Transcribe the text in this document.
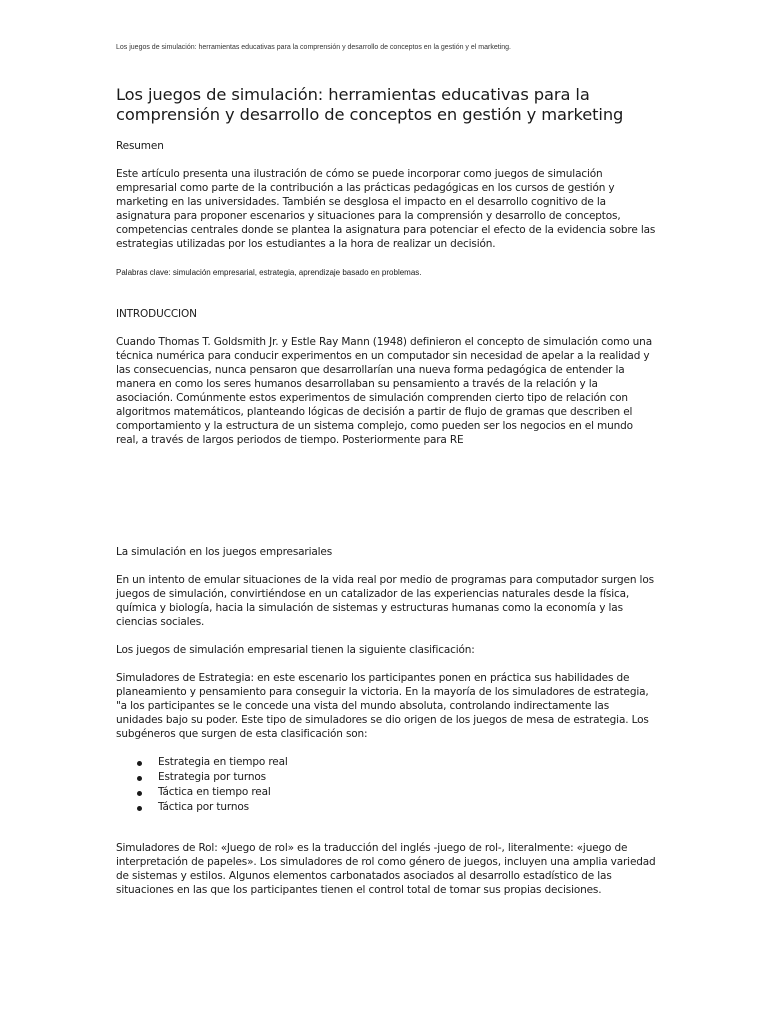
Los juegos de simulación: herramientas educativas para la comprensión y desarrollo de conceptos en la gestión y el marketing.

Los juegos de simulación: herramientas educativas para la comprensión y desarrollo de conceptos en gestión y marketing

Resumen

Este artículo presenta una ilustración de cómo se puede incorporar como juegos de simulación empresarial como parte de la contribución a las prácticas pedagógicas en los cursos de gestión y marketing en las universidades. También se desglosa el impacto en el desarrollo cognitivo de la asignatura para proponer escenarios y situaciones para la comprensión y desarrollo de conceptos, competencias centrales donde se plantea la asignatura para potenciar el efecto de la evidencia sobre las estrategias utilizadas por los estudiantes a la hora de realizar un decisión.

Palabras clave: simulación empresarial, estrategia, aprendizaje basado en problemas.

INTRODUCCION

Cuando Thomas T. Goldsmith Jr. y Estle Ray Mann (1948) definieron el concepto de simulación como una técnica numérica para conducir experimentos en un computador sin necesidad de apelar a la realidad y las consecuencias, nunca pensaron que desarrollarían una nueva forma pedagógica de entender la manera en como los seres humanos desarrollaban su pensamiento a través de la relación y la asociación. Comúnmente estos experimentos de simulación comprenden cierto tipo de relación con algoritmos matemáticos, planteando lógicas de decisión a partir de flujo de gramas que describen el comportamiento y la estructura de un sistema complejo, como pueden ser los negocios en el mundo real, a través de largos periodos de tiempo. Posteriormente para RE

La simulación en los juegos empresariales

En un intento de emular situaciones de la vida real por medio de programas para computador surgen los juegos de simulación, convirtiéndose en un catalizador de las experiencias naturales desde la física, química y biología, hacia la simulación de sistemas y estructuras humanas como la economía y las ciencias sociales.

Los juegos de simulación empresarial tienen la siguiente clasificación:

Simuladores de Estrategia: en este escenario los participantes ponen en práctica sus habilidades de planeamiento y pensamiento para conseguir la victoria. En la mayoría de los simuladores de estrategia, "a los participantes se le concede una vista del mundo absoluta, controlando indirectamente las unidades bajo su poder. Este tipo de simuladores se dio origen de los juegos de mesa de estrategia. Los subgéneros que surgen de esta clasificación son:

Estrategia en tiempo real
Estrategia por turnos
Táctica en tiempo real
Táctica por turnos

Simuladores de Rol: «Juego de rol» es la traducción del inglés -juego de rol-, literalmente: «juego de interpretación de papeles». Los simuladores de rol como género de juegos, incluyen una amplia variedad de sistemas y estilos. Algunos elementos carbonatados asociados al desarrollo estadístico de las situaciones en las que los participantes tienen el control total de tomar sus propias decisiones.
